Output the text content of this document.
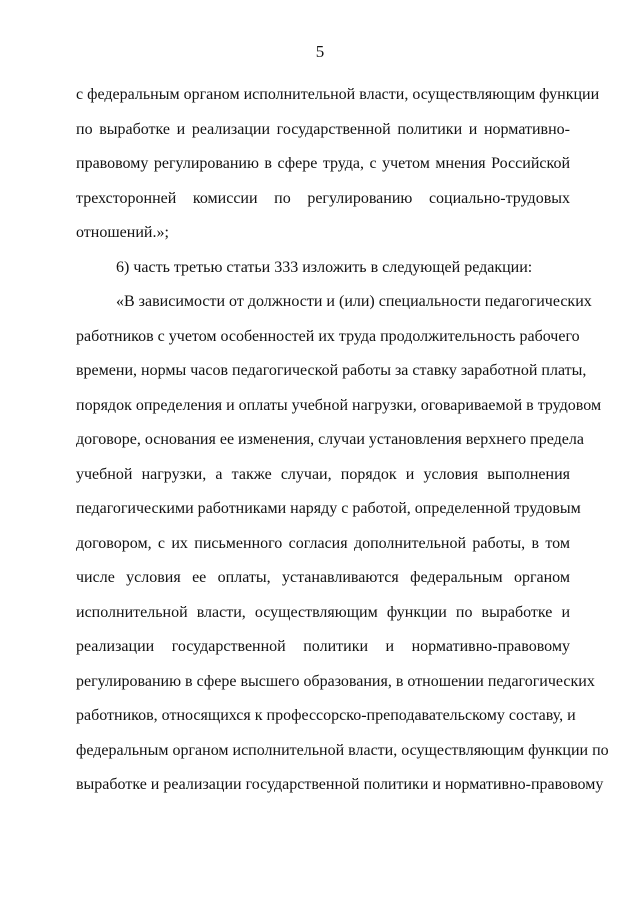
5
с федеральным органом исполнительной власти, осуществляющим функции
по выработке и реализации государственной политики и нормативно-
правовому регулированию в сфере труда, с учетом мнения Российской
трехсторонней комиссии по регулированию социально-трудовых
отношений.»;
6) часть третью статьи 333 изложить в следующей редакции:
«В зависимости от должности и (или) специальности педагогических
работников с учетом особенностей их труда продолжительность рабочего
времени, нормы часов педагогической работы за ставку заработной платы,
порядок определения и оплаты учебной нагрузки, оговариваемой в трудовом
договоре, основания ее изменения, случаи установления верхнего предела
учебной нагрузки, а также случаи, порядок и условия выполнения
педагогическими работниками наряду с работой, определенной трудовым
договором, с их письменного согласия дополнительной работы, в том
числе условия ее оплаты, устанавливаются федеральным органом
исполнительной власти, осуществляющим функции по выработке и
реализации государственной политики и нормативно-правовому
регулированию в сфере высшего образования, в отношении педагогических
работников, относящихся к профессорско-преподавательскому составу, и
федеральным органом исполнительной власти, осуществляющим функции по
выработке и реализации государственной политики и нормативно-правовому
